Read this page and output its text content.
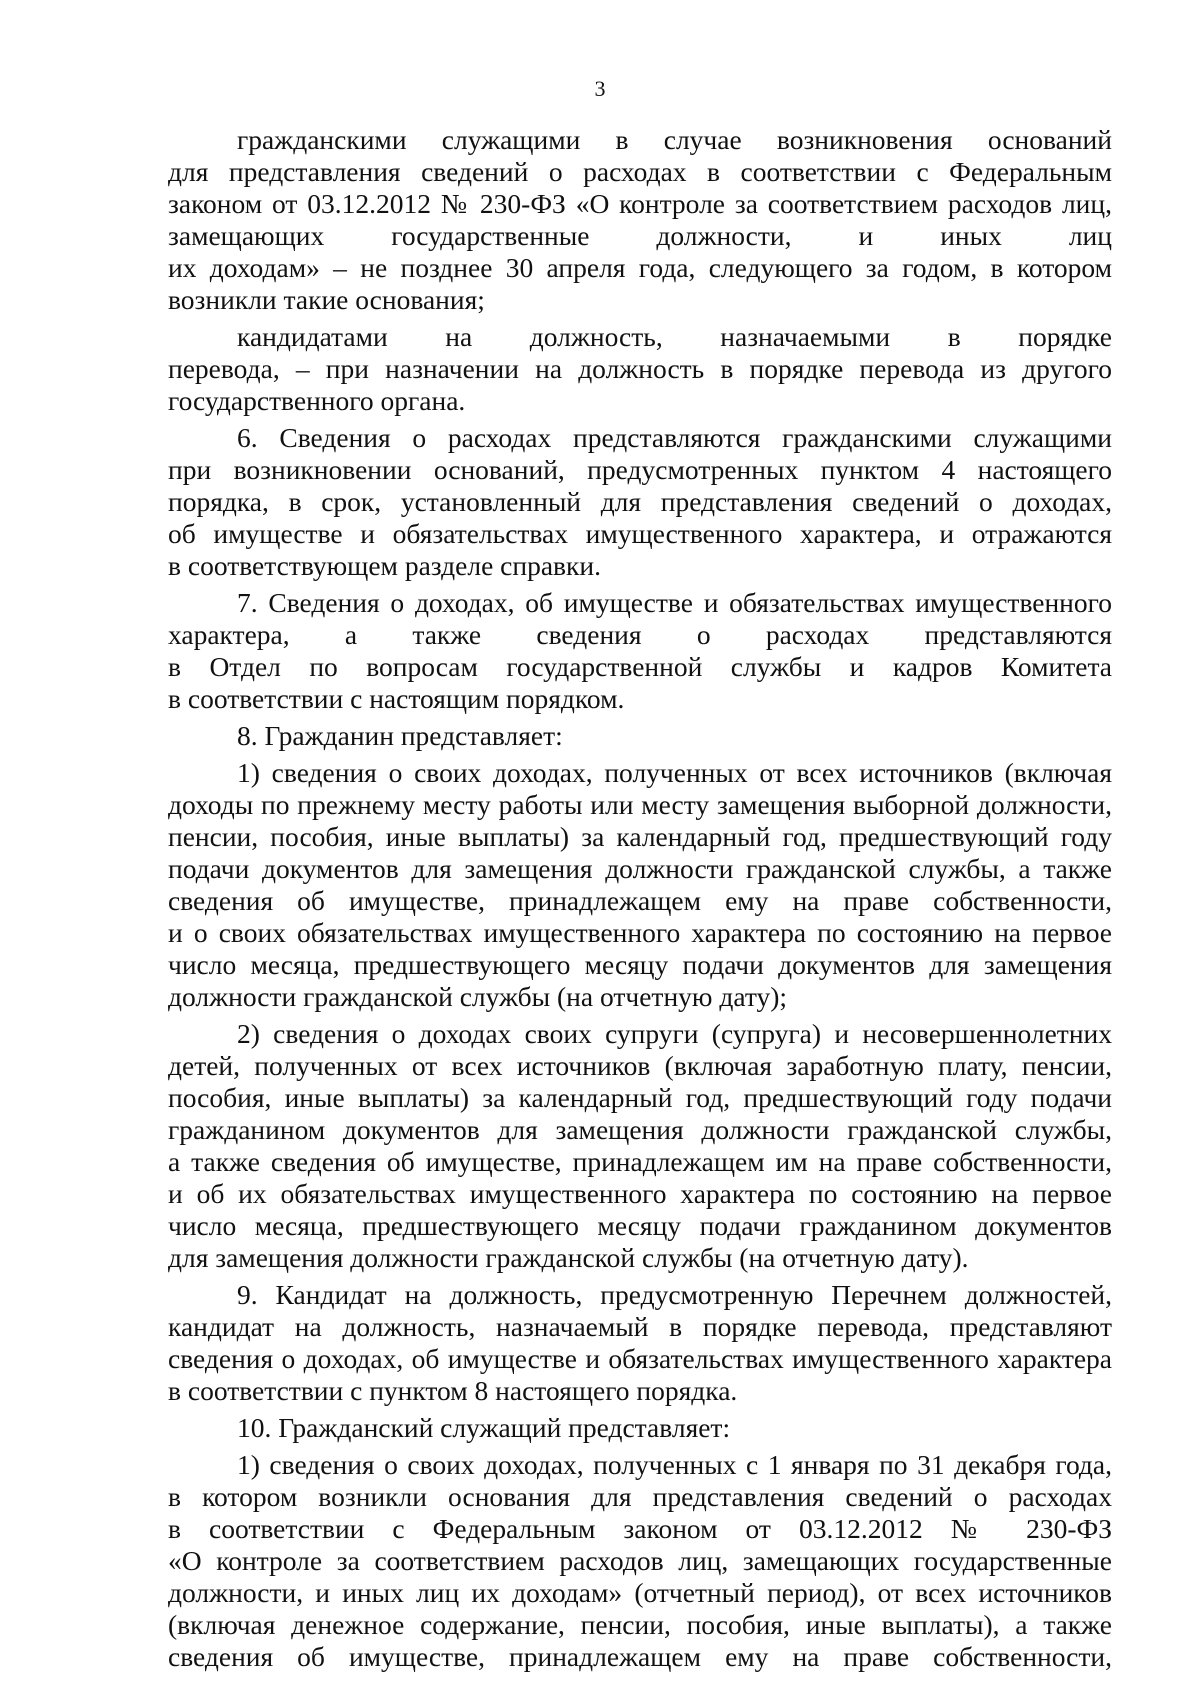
3
гражданскими служащими в случае возникновения оснований
для представления сведений о расходах в соответствии с Федеральным
законом от 03.12.2012 № 230-ФЗ «О контроле за соответствием расходов лиц,
замещающих государственные должности, и иных лиц
их доходам» – не позднее 30 апреля года, следующего за годом, в котором
возникли такие основания;
кандидатами на должность, назначаемыми в порядке
перевода, – при назначении на должность в порядке перевода из другого
государственного органа.
6. Сведения о расходах представляются гражданскими служащими
при возникновении оснований, предусмотренных пунктом 4 настоящего
порядка, в срок, установленный для представления сведений о доходах,
об имуществе и обязательствах имущественного характера, и отражаются
в соответствующем разделе справки.
7. Сведения о доходах, об имуществе и обязательствах имущественного
характера, а также сведения о расходах представляются
в Отдел по вопросам государственной службы и кадров Комитета
в соответствии с настоящим порядком.
8. Гражданин представляет:
1) сведения о своих доходах, полученных от всех источников (включая
доходы по прежнему месту работы или месту замещения выборной должности,
пенсии, пособия, иные выплаты) за календарный год, предшествующий году
подачи документов для замещения должности гражданской службы, а также
сведения об имуществе, принадлежащем ему на праве собственности,
и о своих обязательствах имущественного характера по состоянию на первое
число месяца, предшествующего месяцу подачи документов для замещения
должности гражданской службы (на отчетную дату);
2) сведения о доходах своих супруги (супруга) и несовершеннолетних
детей, полученных от всех источников (включая заработную плату, пенсии,
пособия, иные выплаты) за календарный год, предшествующий году подачи
гражданином документов для замещения должности гражданской службы,
а также сведения об имуществе, принадлежащем им на праве собственности,
и об их обязательствах имущественного характера по состоянию на первое
число месяца, предшествующего месяцу подачи гражданином документов
для замещения должности гражданской службы (на отчетную дату).
9. Кандидат на должность, предусмотренную Перечнем должностей,
кандидат на должность, назначаемый в порядке перевода, представляют
сведения о доходах, об имуществе и обязательствах имущественного характера
в соответствии с пунктом 8 настоящего порядка.
10. Гражданский служащий представляет:
1) сведения о своих доходах, полученных с 1 января по 31 декабря года,
в котором возникли основания для представления сведений о расходах
в соответствии с Федеральным законом от 03.12.2012 № 230-ФЗ
«О контроле за соответствием расходов лиц, замещающих государственные
должности, и иных лиц их доходам» (отчетный период), от всех источников
(включая денежное содержание, пенсии, пособия, иные выплаты), а также
сведения об имуществе, принадлежащем ему на праве собственности,
